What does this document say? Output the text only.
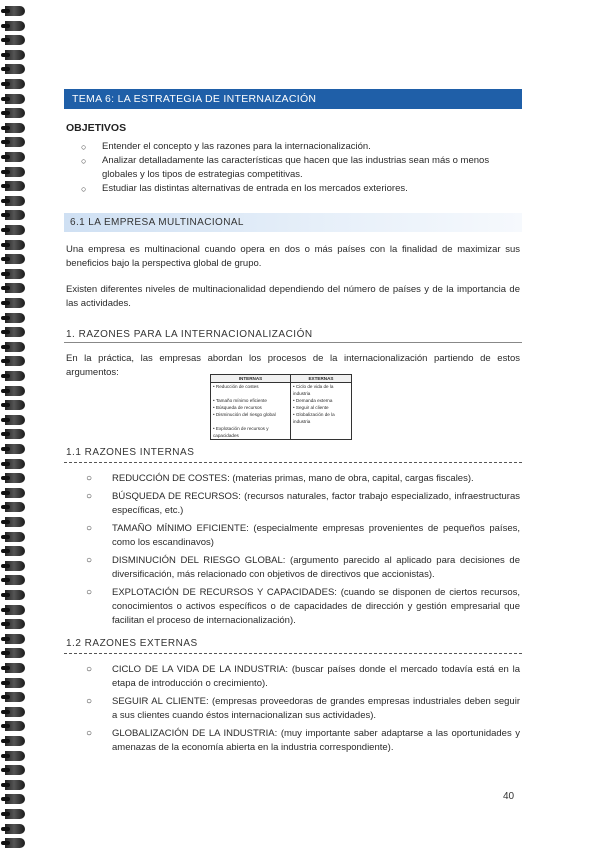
TEMA 6: LA ESTRATEGIA DE INTERNAIZACIÓN
OBJETIVOS
○ Entender el concepto y las razones para la internacionalización.
○ Analizar detalladamente las características que hacen que las industrias sean más o menos globales y los tipos de estrategias competitivas.
○ Estudiar las distintas alternativas de entrada en los mercados exteriores.
6.1 LA EMPRESA MULTINACIONAL
Una empresa es multinacional cuando opera en dos o más países con la finalidad de maximizar sus beneficios bajo la perspectiva global de grupo.
Existen diferentes niveles de multinacionalidad dependiendo del número de países y de la importancia de las actividades.
1. RAZONES PARA LA INTERNACIONALIZACIÓN
En la práctica, las empresas abordan los procesos de la internacionalización partiendo de estos argumentos:
INTERNAS	EXTERNAS
• Reducción de costes	• Ciclo de vida de la industria
• Tamaño mínimo eficiente	• Demanda externa
• Búsqueda de recursos	• Seguir al cliente
• Disminución del riesgo global	• Globalización de la industria
• Explotación de recursos y capacidades	
1.1 RAZONES INTERNAS
○ REDUCCIÓN DE COSTES: (materias primas, mano de obra, capital, cargas fiscales).
○ BÚSQUEDA DE RECURSOS: (recursos naturales, factor trabajo especializado, infraestructuras específicas, etc.)
○ TAMAÑO MÍNIMO EFICIENTE: (especialmente empresas provenientes de pequeños países, como los escandinavos)
○ DISMINUCIÓN DEL RIESGO GLOBAL: (argumento parecido al aplicado para decisiones de diversificación, más relacionado con objetivos de directivos que accionistas).
○ EXPLOTACIÓN DE RECURSOS Y CAPACIDADES: (cuando se disponen de ciertos recursos, conocimientos o activos específicos o de capacidades de dirección y gestión empresarial que facilitan el proceso de internacionalización).
1.2 RAZONES EXTERNAS
○ CICLO DE LA VIDA DE LA INDUSTRIA: (buscar países donde el mercado todavía está en la etapa de introducción o crecimiento).
○ SEGUIR AL CLIENTE: (empresas proveedoras de grandes empresas industriales deben seguir a sus clientes cuando éstos internacionalizan sus actividades).
○ GLOBALIZACIÓN DE LA INDUSTRIA: (muy importante saber adaptarse a las oportunidades y amenazas de la economía abierta en la industria correspondiente).
40
